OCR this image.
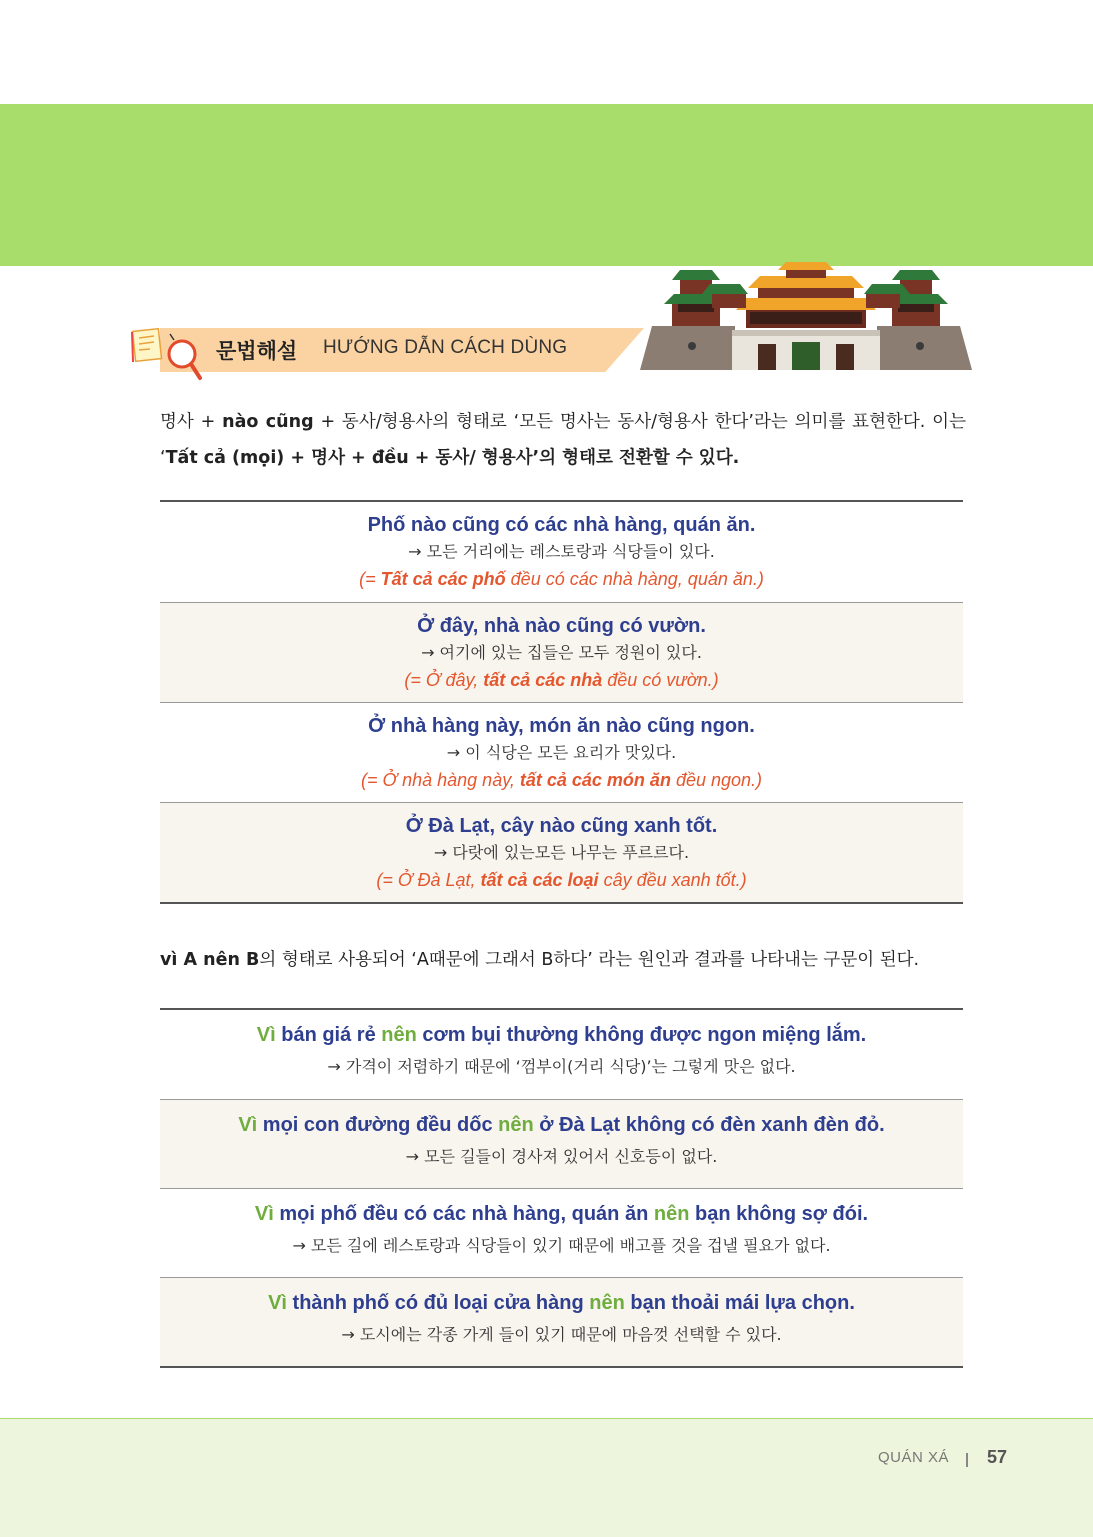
문법해설 HƯỚNG DẪN CÁCH DÙNG
명사 + nào cũng + 동사/형용사의 형태로 ‘모든 명사는 동사/형용사 한다’라는 의미를 표현한다. 이는 ‘Tất cả (mọi) + 명사 + đều + 동사/ 형용사’의 형태로 전환할 수 있다.
Phố nào cũng có các nhà hàng, quán ăn.
→ 모든 거리에는 레스토랑과 식당들이 있다.
(= Tất cả các phố đều có các nhà hàng, quán ăn.)
Ở đây, nhà nào cũng có vườn.
→ 여기에 있는 집들은 모두 정원이 있다.
(= Ở đây, tất cả các nhà đều có vườn.)
Ở nhà hàng này, món ăn nào cũng ngon.
→ 이 식당은 모든 요리가 맛있다.
(= Ở nhà hàng này, tất cả các món ăn đều ngon.)
Ở Đà Lạt, cây nào cũng xanh tốt.
→ 다랏에 있는모든 나무는 푸르르다.
(= Ở Đà Lạt, tất cả các loại cây đều xanh tốt.)
vì A nên B의 형태로 사용되어 ‘A때문에 그래서 B하다’ 라는 원인과 결과를 나타내는 구문이 된다.
Vì bán giá rẻ nên cơm bụi thường không được ngon miệng lắm.
→ 가격이 저렴하기 때문에 ‘껌부이(거리 식당)’는 그렇게 맛은 없다.
Vì mọi con đường đều dốc nên ở Đà Lạt không có đèn xanh đèn đỏ.
→ 모든 길들이 경사져 있어서 신호등이 없다.
Vì mọi phố đều có các nhà hàng, quán ăn nên bạn không sợ đói.
→ 모든 길에 레스토랑과 식당들이 있기 때문에 배고플 것을 겁낼 필요가 없다.
Vì thành phố có đủ loại cửa hàng nên bạn thoải mái lựa chọn.
→ 도시에는 각종 가게 들이 있기 때문에 마음껏 선택할 수 있다.
QUÁN XÁ 57
